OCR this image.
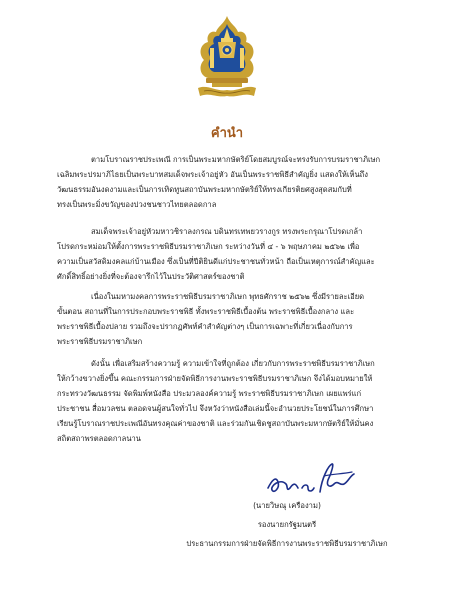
คำนำ

ตามโบราณราชประเพณี การเป็นพระมหากษัตริย์โดยสมบูรณ์จะทรงรับการบรมราชาภิเษก
เฉลิมพระปรมาภิไธยเป็นพระบาทสมเด็จพระเจ้าอยู่หัว อันเป็นพระราชพิธีสำคัญยิ่ง แสดงให้เห็นถึง
วัฒนธรรมอันงดงามและเป็นการเทิดทูนสถาบันพระมหากษัตริย์ให้ทรงเกียรติยศสูงสุดสมกับที่
ทรงเป็นพระมิ่งขวัญของปวงชนชาวไทยตลอดกาล

สมเด็จพระเจ้าอยู่หัวมหาวชิราลงกรณ บดินทรเทพยวรางกูร ทรงพระกรุณาโปรดเกล้า
โปรดกระหม่อมให้ตั้งการพระราชพิธีบรมราชาภิเษก ระหว่างวันที่ ๔ - ๖ พฤษภาคม ๒๕๖๒ เพื่อ
ความเป็นสวัสดิมงคลแก่บ้านเมือง ซึ่งเป็นที่ปีติยินดีแก่ประชาชนทั่วหน้า ถือเป็นเหตุการณ์สำคัญและ
ศักดิ์สิทธิ์อย่างยิ่งที่จะต้องจารึกไว้ในประวัติศาสตร์ของชาติ

เนื่องในมหามงคลการพระราชพิธีบรมราชาภิเษก พุทธศักราช ๒๕๖๒ ซึ่งมีรายละเอียด
ขั้นตอน สถานที่ในการประกอบพระราชพิธี ทั้งพระราชพิธีเบื้องต้น พระราชพิธีเบื้องกลาง และ
พระราชพิธีเบื้องปลาย รวมถึงจะปรากฏศัพท์คำสำคัญต่างๆ เป็นการเฉพาะที่เกี่ยวเนื่องกับการ
พระราชพิธีบรมราชาภิเษก

ดังนั้น เพื่อเสริมสร้างความรู้ ความเข้าใจที่ถูกต้อง เกี่ยวกับการพระราชพิธีบรมราชาภิเษก
ให้กว้างขวางยิ่งขึ้น คณะกรรมการฝ่ายจัดพิธีการงานพระราชพิธีบรมราชาภิเษก จึงได้มอบหมายให้
กระทรวงวัฒนธรรม จัดพิมพ์หนังสือ ประมวลองค์ความรู้ พระราชพิธีบรมราชาภิเษก เผยแพร่แก่
ประชาชน สื่อมวลชน ตลอดจนผู้สนใจทั่วไป จึงหวังว่าหนังสือเล่มนี้จะอำนวยประโยชน์ในการศึกษา
เรียนรู้โบราณราชประเพณีอันทรงคุณค่าของชาติ และร่วมกันเชิดชูสถาบันพระมหากษัตริย์ให้มั่นคง
สถิตสถาพรตลอดกาลนาน

(นายวิษณุ เครืองาม)
รองนายกรัฐมนตรี
ประธานกรรมการฝ่ายจัดพิธีการงานพระราชพิธีบรมราชาภิเษก
